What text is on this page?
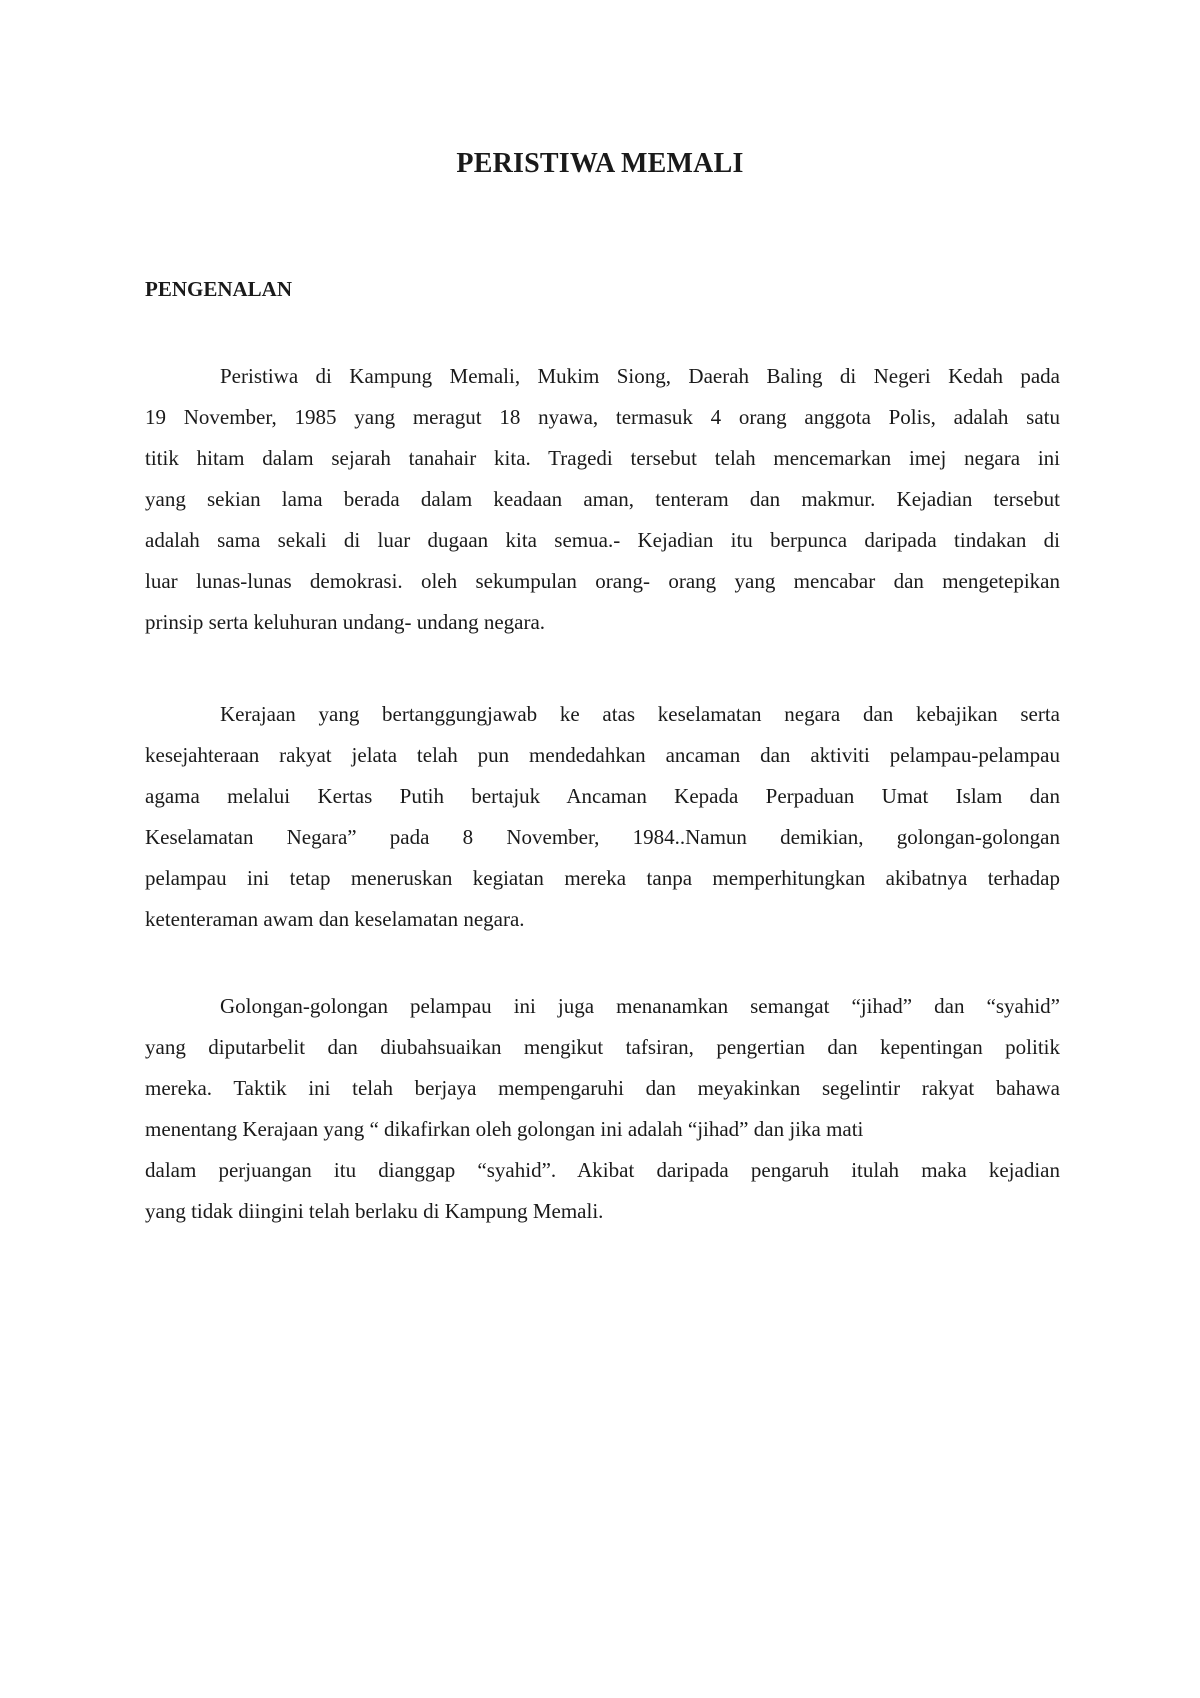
PERISTIWA MEMALI
PENGENALAN

Peristiwa di Kampung Memali, Mukim Siong, Daerah Baling di Negeri Kedah pada
19 November, 1985 yang meragut 18 nyawa, termasuk 4 orang anggota Polis, adalah satu
titik hitam dalam sejarah tanahair kita. Tragedi tersebut telah mencemarkan imej negara ini
yang sekian lama berada dalam keadaan aman, tenteram dan makmur. Kejadian tersebut
adalah sama sekali di luar dugaan kita semua.- Kejadian itu berpunca daripada tindakan di
luar lunas-lunas demokrasi. oleh sekumpulan orang- orang yang mencabar dan mengetepikan
prinsip serta keluhuran undang- undang negara.

Kerajaan yang bertanggungjawab ke atas keselamatan negara dan kebajikan serta
kesejahteraan rakyat jelata telah pun mendedahkan ancaman dan aktiviti pelampau-pelampau
agama melalui Kertas Putih bertajuk Ancaman Kepada Perpaduan Umat Islam dan
Keselamatan Negara” pada 8 November, 1984..Namun demikian, golongan-golongan
pelampau ini tetap meneruskan kegiatan mereka tanpa memperhitungkan akibatnya terhadap
ketenteraman awam dan keselamatan negara.

Golongan-golongan pelampau ini juga menanamkan semangat “jihad” dan “syahid”
yang diputarbelit dan diubahsuaikan mengikut tafsiran, pengertian dan kepentingan politik
mereka. Taktik ini telah berjaya mempengaruhi dan meyakinkan segelintir rakyat bahawa
menentang Kerajaan yang “ dikafirkan oleh golongan ini adalah “jihad” dan jika mati
dalam perjuangan itu dianggap “syahid”. Akibat daripada pengaruh itulah maka kejadian
yang tidak diingini telah berlaku di Kampung Memali.
